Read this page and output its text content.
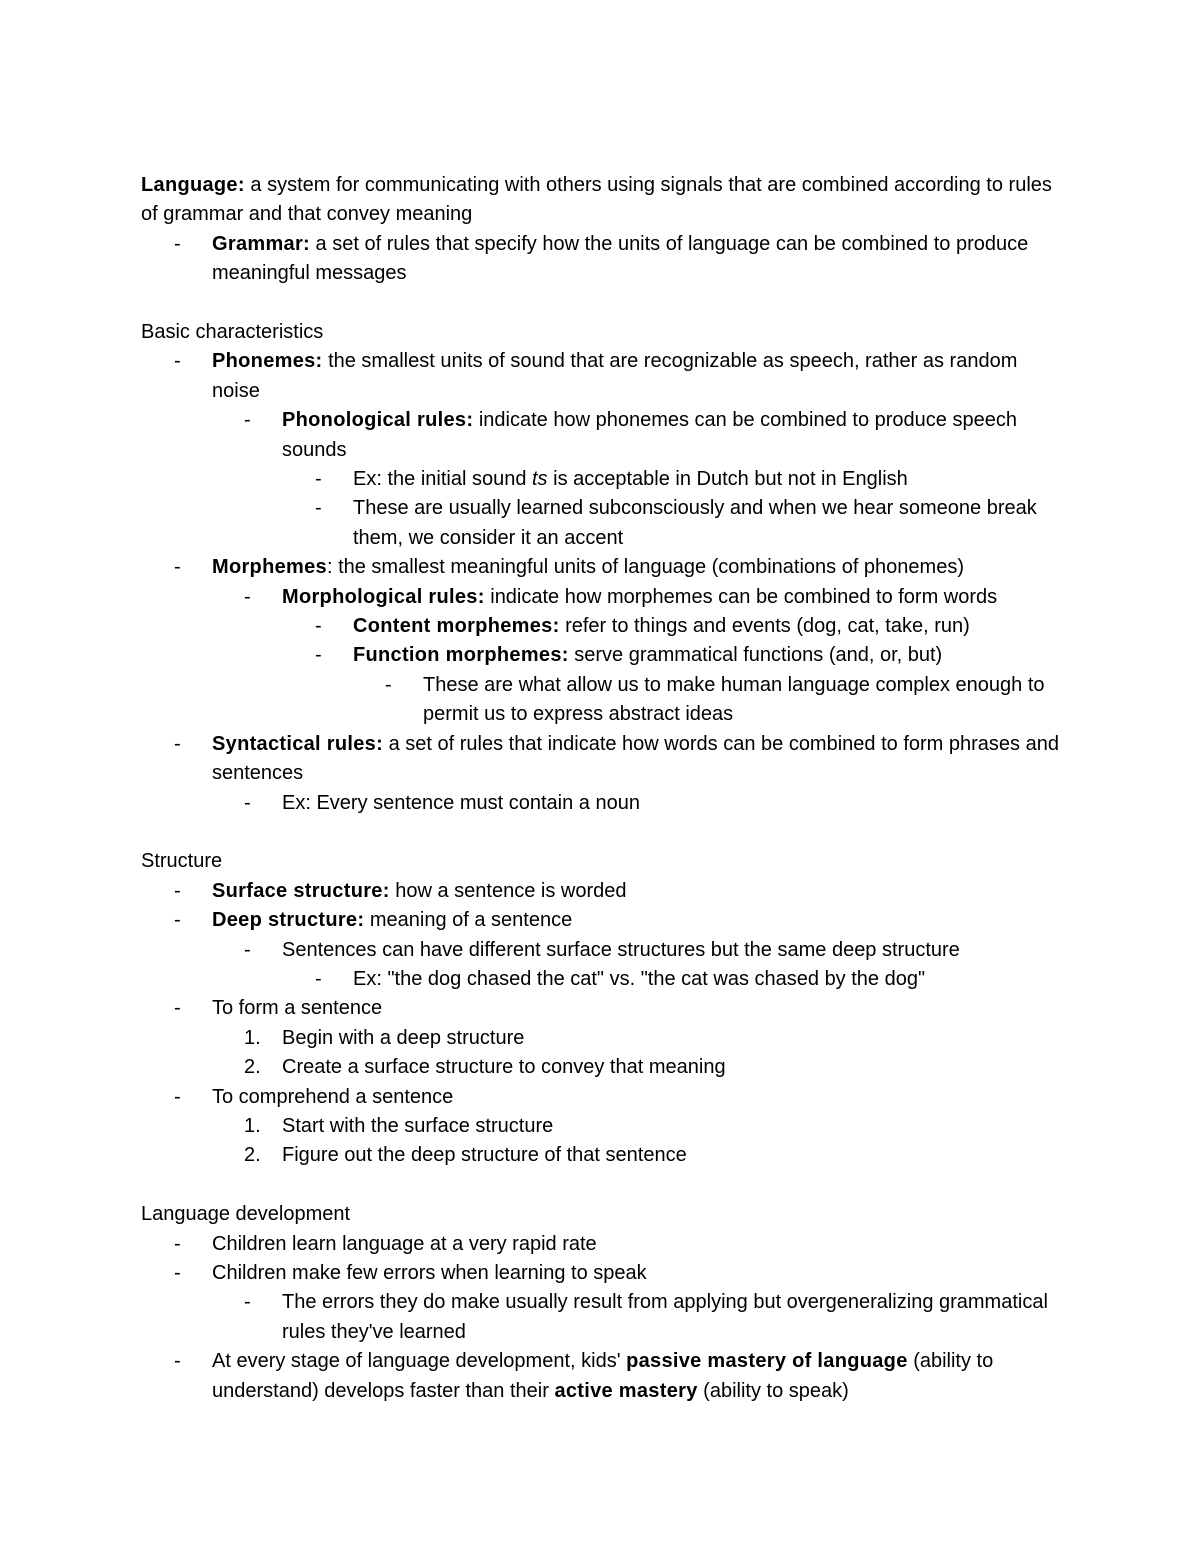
Language: a system for communicating with others using signals that are combined according to rules of grammar and that convey meaning
-	Grammar: a set of rules that specify how the units of language can be combined to produce meaningful messages
Basic characteristics
-	Phonemes: the smallest units of sound that are recognizable as speech, rather as random noise
-	Phonological rules: indicate how phonemes can be combined to produce speech sounds
-	Ex: the initial sound ts is acceptable in Dutch but not in English
-	These are usually learned subconsciously and when we hear someone break them, we consider it an accent
-	Morphemes: the smallest meaningful units of language (combinations of phonemes)
-	Morphological rules: indicate how morphemes can be combined to form words
-	Content morphemes: refer to things and events (dog, cat, take, run)
-	Function morphemes: serve grammatical functions (and, or, but)
-	These are what allow us to make human language complex enough to permit us to express abstract ideas
-	Syntactical rules: a set of rules that indicate how words can be combined to form phrases and sentences
-	Ex: Every sentence must contain a noun
Structure
-	Surface structure: how a sentence is worded
-	Deep structure: meaning of a sentence
-	Sentences can have different surface structures but the same deep structure
-	Ex: "the dog chased the cat" vs. "the cat was chased by the dog"
-	To form a sentence
1.	Begin with a deep structure
2.	Create a surface structure to convey that meaning
-	To comprehend a sentence
1.	Start with the surface structure
2.	Figure out the deep structure of that sentence
Language development
-	Children learn language at a very rapid rate
-	Children make few errors when learning to speak
-	The errors they do make usually result from applying but overgeneralizing grammatical rules they've learned
-	At every stage of language development, kids' passive mastery of language (ability to understand) develops faster than their active mastery (ability to speak)
